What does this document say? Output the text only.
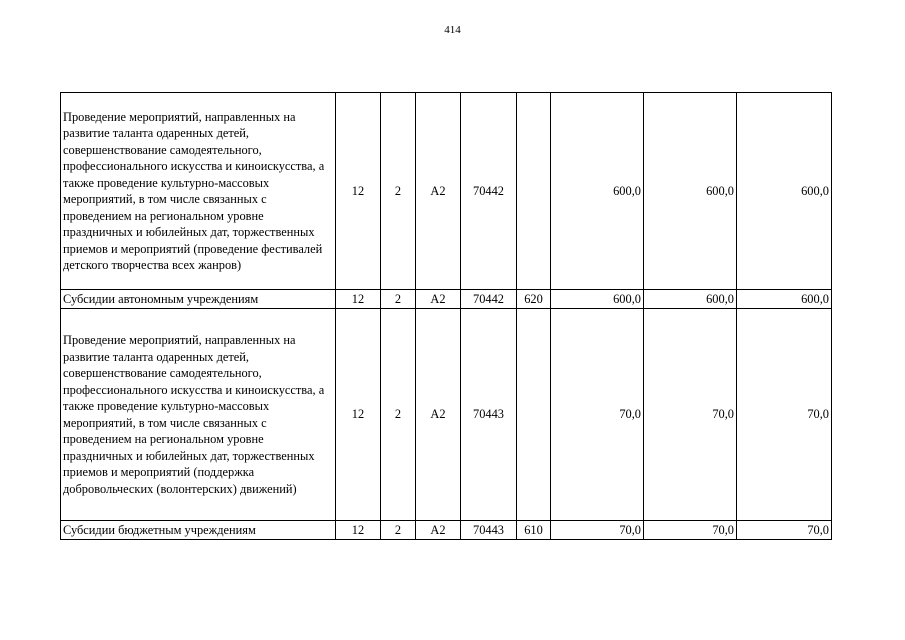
414
Проведение мероприятий, направленных на развитие таланта одаренных детей, совершенствование самодеятельного, профессионального искусства и киноискусства, а также проведение культурно-массовых мероприятий, в том числе связанных с проведением на региональном уровне праздничных и юбилейных дат, торжественных приемов и мероприятий (проведение фестивалей детского творчества всех жанров)	12	2	А2	70442		600,0	600,0	600,0
Субсидии автономным учреждениям	12	2	А2	70442	620	600,0	600,0	600,0
Проведение мероприятий, направленных на развитие таланта одаренных детей, совершенствование самодеятельного, профессионального искусства и киноискусства, а также проведение культурно-массовых мероприятий, в том числе связанных с проведением на региональном уровне праздничных и юбилейных дат, торжественных приемов и мероприятий (поддержка добровольческих (волонтерских) движений)	12	2	А2	70443		70,0	70,0	70,0
Субсидии бюджетным учреждениям	12	2	А2	70443	610	70,0	70,0	70,0
